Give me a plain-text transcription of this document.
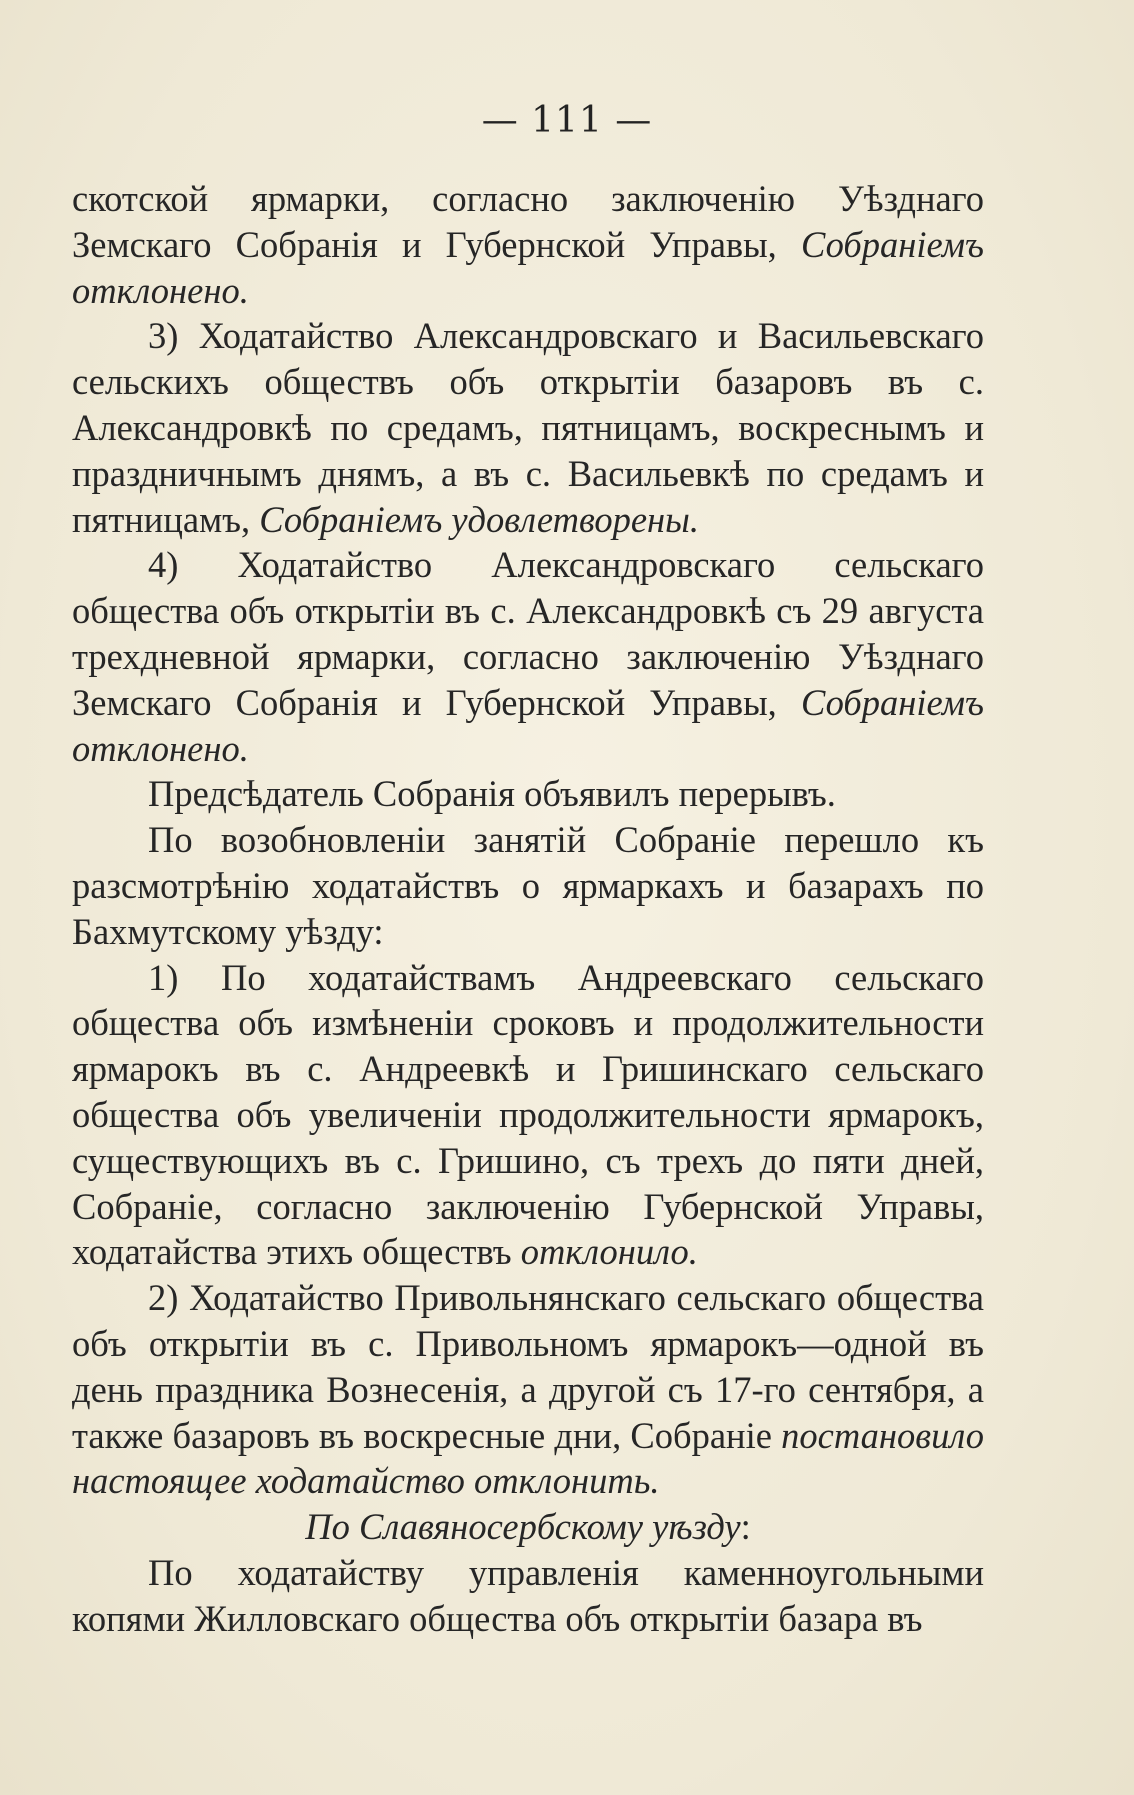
— 111 —

скотской ярмарки, согласно заключенію Уѣзднаго Земскаго Собранія и Губернской Управы, Собраніемъ отклонено.

3) Ходатайство Александровскаго и Васильевскаго сельскихъ обществъ объ открытіи базаровъ въ с. Александровкѣ по средамъ, пятницамъ, воскреснымъ и праздничнымъ днямъ, а въ с. Васильевкѣ по средамъ и пятницамъ, Собраніемъ удовлетворены.

4) Ходатайство Александровскаго сельскаго общества объ открытіи въ с. Александровкѣ съ 29 августа трехдневной ярмарки, согласно заключенію Уѣзднаго Земскаго Собранія и Губернской Управы, Собраніемъ отклонено.

Предсѣдатель Собранія объявилъ перерывъ.

По возобновленіи занятій Собраніе перешло къ разсмотрѣнію ходатайствъ о ярмаркахъ и базарахъ по Бахмутскому уѣзду:

1) По ходатайствамъ Андреевскаго сельскаго общества объ измѣненіи сроковъ и продолжительности ярмарокъ въ с. Андреевкѣ и Гришинскаго сельскаго общества объ увеличеніи продолжительности ярмарокъ, существующихъ въ с. Гришино, съ трехъ до пяти дней, Собраніе, согласно заключенію Губернской Управы, ходатайства этихъ обществъ отклонило.

2) Ходатайство Привольнянскаго сельскаго общества объ открытіи въ с. Привольномъ ярмарокъ—одной въ день праздника Вознесенія, а другой съ 17-го сентября, а также базаровъ въ воскресные дни, Собраніе постановило настоящее ходатайство отклонить.

По Славяносербскому уѣзду:

По ходатайству управленія каменноугольными копями Жилловскаго общества объ открытіи базара въ
